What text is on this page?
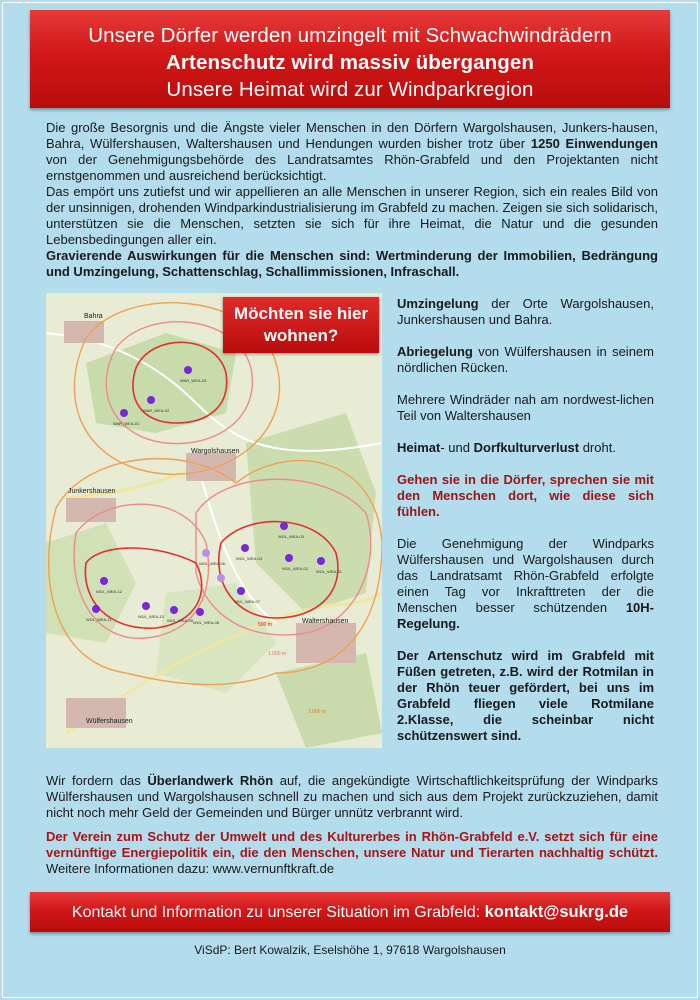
Unsere Dörfer werden umzingelt mit Schwachwindrädern
Artenschutz wird massiv übergangen
Unsere Heimat wird zur Windparkregion

Die große Besorgnis und die Ängste vieler Menschen in den Dörfern Wargolshausen, Junkers-hausen, Bahra, Wülfershausen, Waltershausen und Hendungen wurden bisher trotz über 1250 Einwendungen von der Genehmigungsbehörde des Landratsamtes Rhön-Grabfeld und den Projektanten nicht ernstgenommen und ausreichend berücksichtigt.

Das empört uns zutiefst und wir appellieren an alle Menschen in unserer Region, sich ein reales Bild von der unsinnigen, drohenden Windparkindustrialisierung im Grabfeld zu machen. Zeigen sie sich solidarisch, unterstützen sie die Menschen, setzten sie sich für ihre Heimat, die Natur und die gesunden Lebensbedingungen aller ein.

Gravierende Auswirkungen für die Menschen sind: Wertminderung der Immobilien, Bedrängung und Umzingelung, Schattenschlag, Schallimmissionen, Infraschall.

Bahra
Wargolshausen
Junkershausen
Waltershausen
Wülfershausen
WAR_WEA-03
WAR_WEA-02
WAR_WEA-01
WÜL_WEA-03
WÜL_WEA-04
WÜL_WEA-02
WÜL_WEA-01
WÜL_WEA-12
WÜL_WEA-11
WÜL_WEA-10
WÜL_WEA-09 WÜL_WEA-08
WÜL_WEA-07
WÜL_WEA-06
500 m
1.000 m
2.000 m
Möchten sie hier wohnen?

Umzingelung der Orte Wargolshausen, Junkershausen und Bahra.

Abriegelung von Wülfershausen in seinem nördlichen Rücken.

Mehrere Windräder nah am nordwest-lichen Teil von Waltershausen

Heimat- und Dorfkulturverlust droht.

Gehen sie in die Dörfer, sprechen sie mit den Menschen dort, wie diese sich fühlen.

Die Genehmigung der Windparks Wülfershausen und Wargolshausen durch das Landratsamt Rhön-Grabfeld erfolgte einen Tag vor Inkrafttreten der die Menschen besser schützenden 10H-Regelung.

Der Artenschutz wird im Grabfeld mit Füßen getreten, z.B. wird der Rotmilan in der Rhön teuer gefördert, bei uns im Grabfeld fliegen viele Rotmilane 2.Klasse, die scheinbar nicht schützenswert sind.

Wir fordern das Überlandwerk Rhön auf, die angekündigte Wirtschaftlichkeitsprüfung der Windparks Wülfershausen und Wargolshausen schnell zu machen und sich aus dem Projekt zurückzuziehen, damit nicht noch mehr Geld der Gemeinden und Bürger unnütz verbrannt wird.

Der Verein zum Schutz der Umwelt und des Kulturerbes in Rhön-Grabfeld e.V. setzt sich für eine vernünftige Energiepolitik ein, die den Menschen, unsere Natur und Tierarten nachhaltig schützt. Weitere Informationen dazu: www.vernunftkraft.de

Kontakt und Information zu unserer Situation im Grabfeld: kontakt@sukrg.de
ViSdP: Bert Kowalzik, Eselshöhe 1, 97618 Wargolshausen
